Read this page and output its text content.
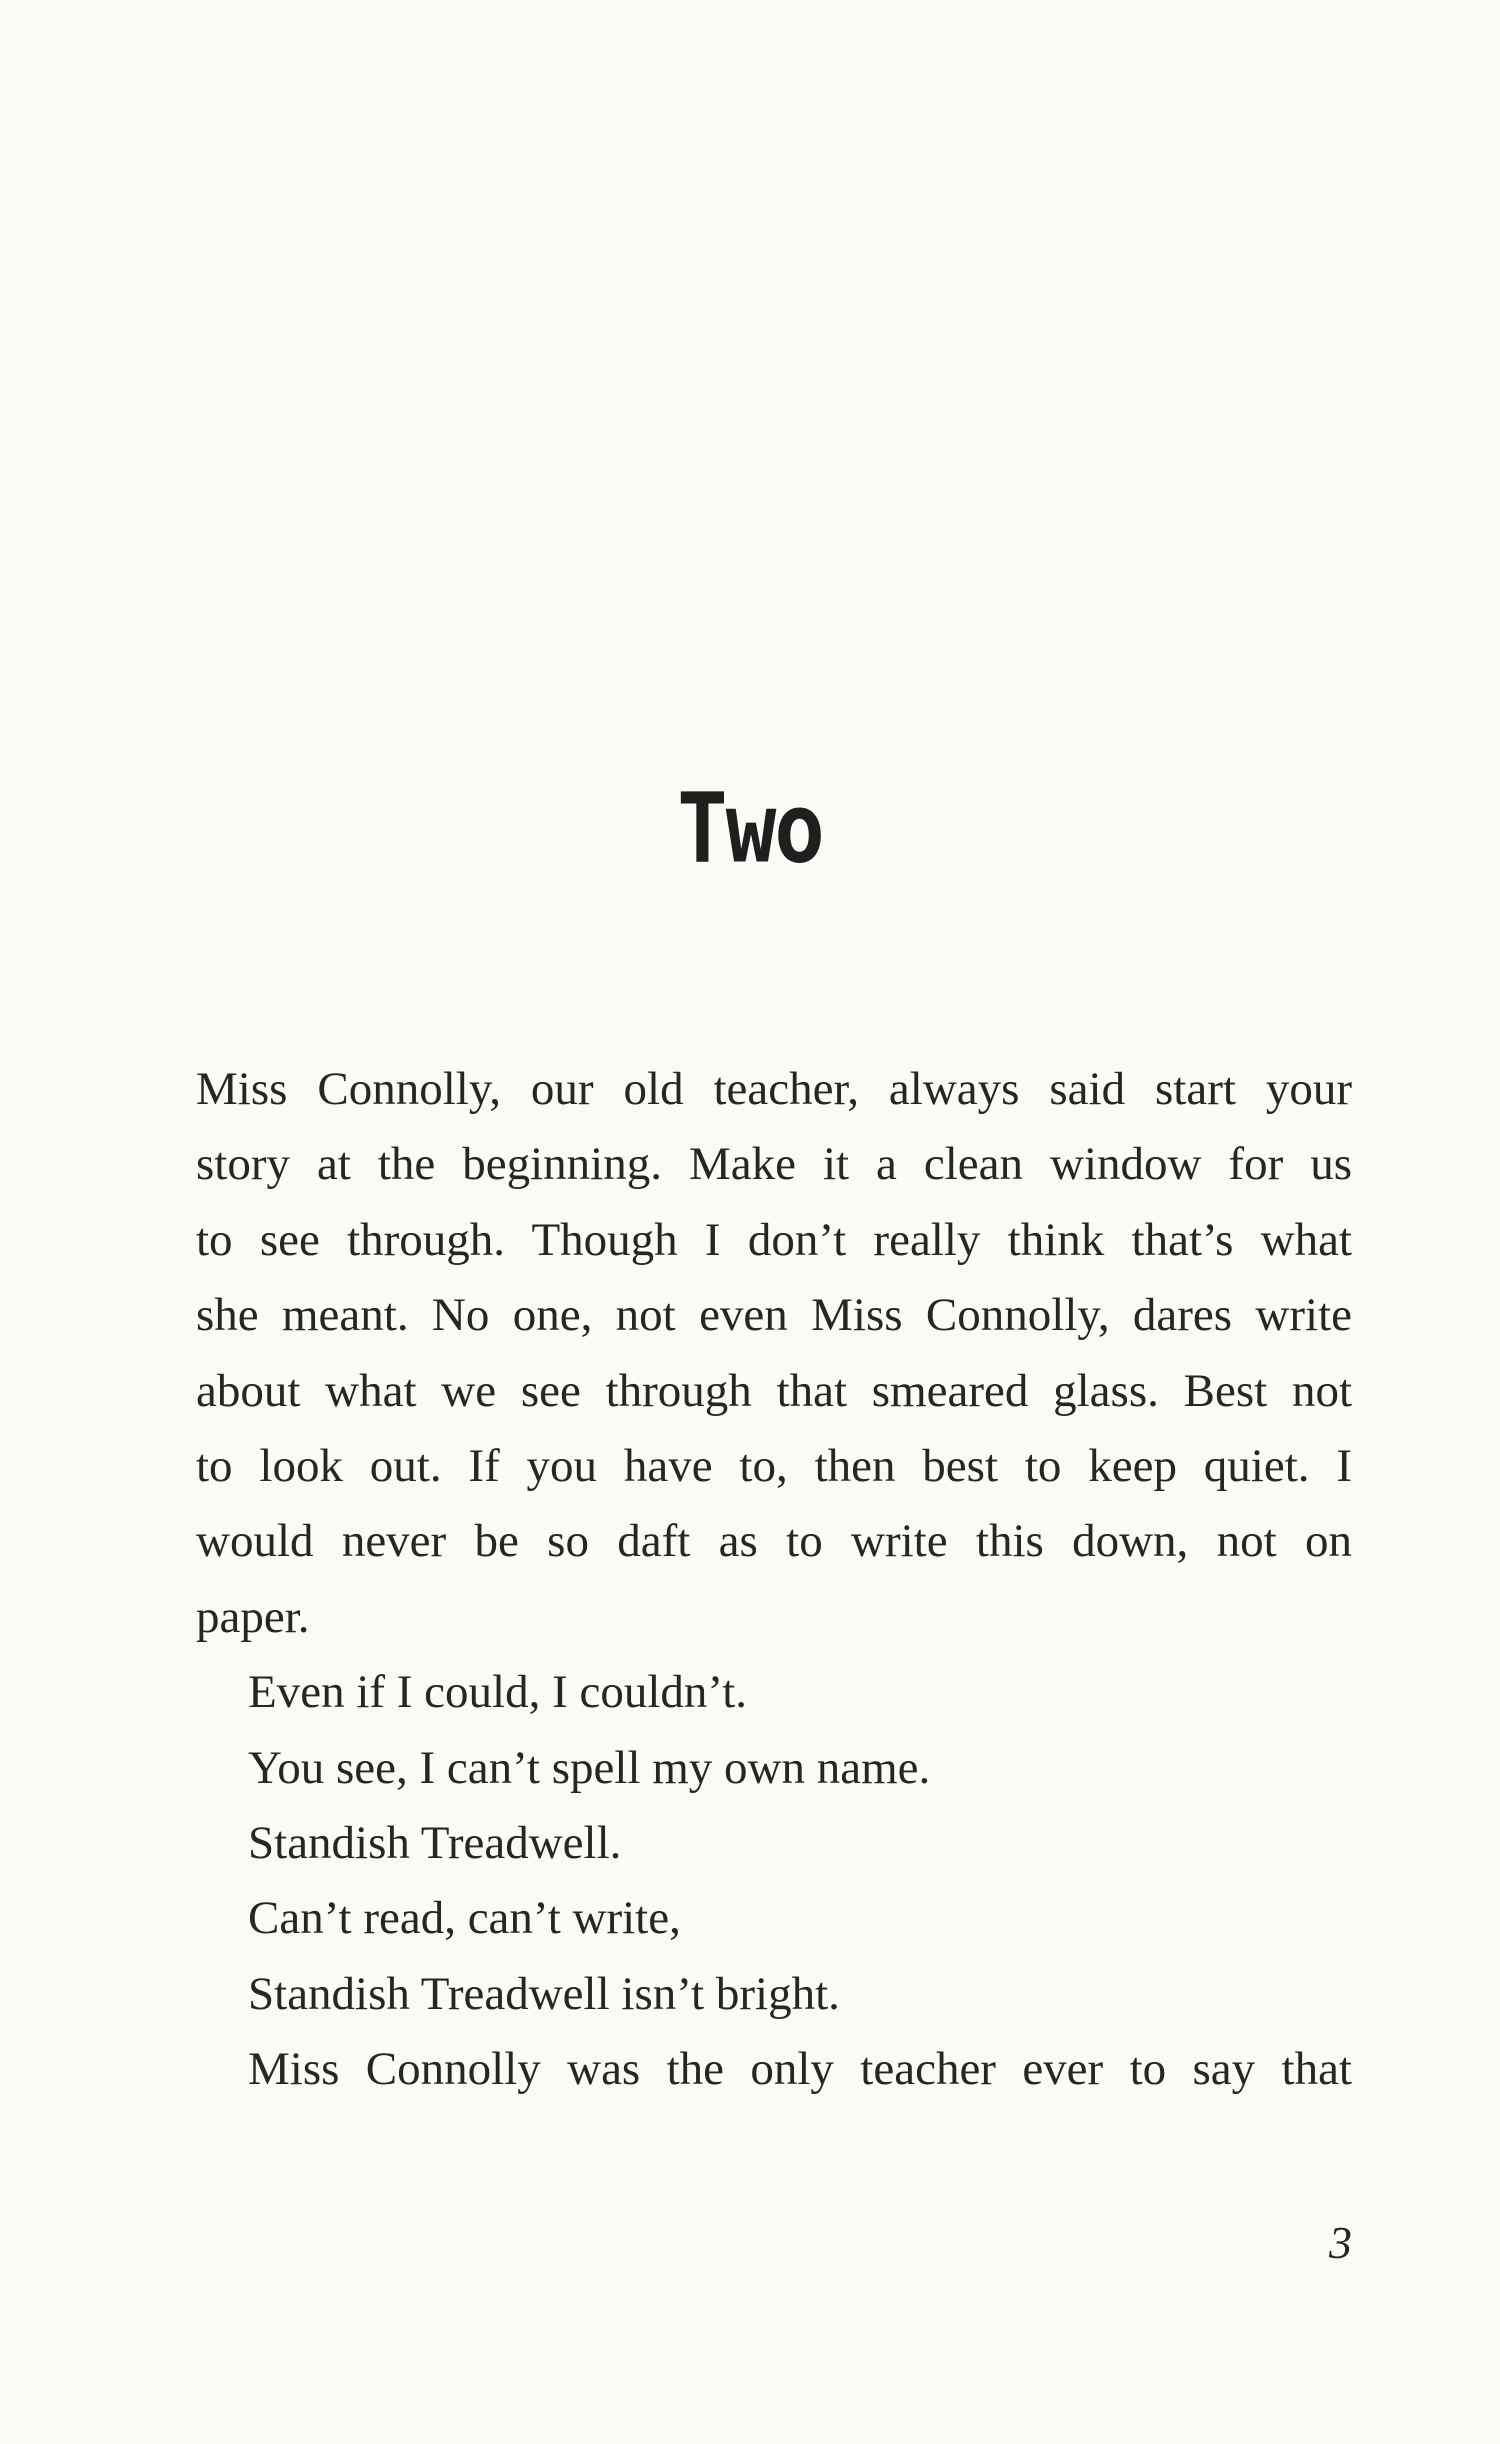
Two
Miss Connolly, our old teacher, always said start your
story at the beginning. Make it a clean window for us
to see through. Though I don’t really think that’s what
she meant. No one, not even Miss Connolly, dares write
about what we see through that smeared glass. Best not
to look out. If you have to, then best to keep quiet. I
would never be so daft as to write this down, not on
paper.
Even if I could, I couldn’t.
You see, I can’t spell my own name.
Standish Treadwell.
Can’t read, can’t write,
Standish Treadwell isn’t bright.
Miss Connolly was the only teacher ever to say that
3
